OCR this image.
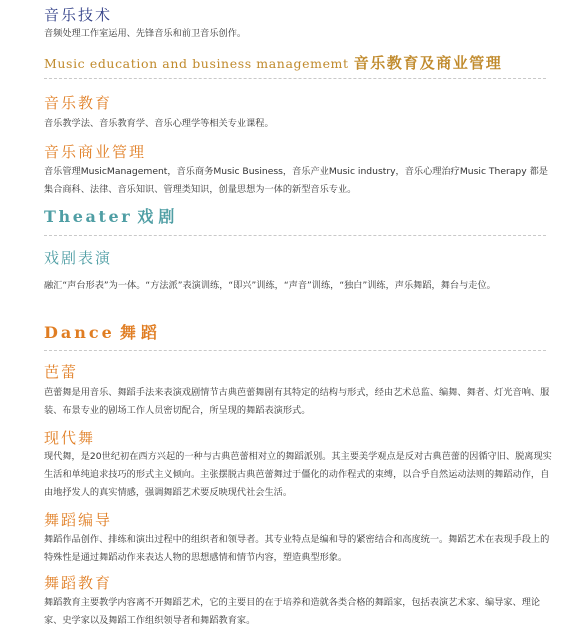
音乐技术

音频处理工作室运用、先锋音乐和前卫音乐创作。

Music education and business managememt 音乐教育及商业管理
音乐教育

音乐教学法、音乐教育学、音乐心理学等相关专业课程。

音乐商业管理

音乐管理MusicManagement，音乐商务Music Business，音乐产业Music industry，音乐心理治疗Music Therapy 都是集合商科、法律、音乐知识、管理类知识，创量思想为一体的新型音乐专业。

Theater 戏剧
戏剧表演

融汇“声台形表”为一体。“方法派”表演训练，“即兴”训练，“声音”训练，“独白”训练，声乐舞蹈，舞台与走位。

Dance 舞蹈
芭蕾

芭蕾舞是用音乐、舞蹈手法来表演戏剧情节古典芭蕾舞剧有其特定的结构与形式，经由艺术总监、编舞、舞者、灯光音响、服装、布景专业的剧场工作人员密切配合，所呈现的舞蹈表演形式。

现代舞

现代舞，是20世纪初在西方兴起的一种与古典芭蕾相对立的舞蹈派别。其主要美学观点是反对古典芭蕾的因循守旧、脱离现实生活和单纯追求技巧的形式主义倾向。主张摆脱古典芭蕾舞过于僵化的动作程式的束缚，以合乎自然运动法则的舞蹈动作，自由地抒发人的真实情感，强调舞蹈艺术要反映现代社会生活。

舞蹈编导

舞蹈作品创作、排练和演出过程中的组织者和领导者。其专业特点是编和导的紧密结合和高度统一。舞蹈艺术在表现手段上的特殊性是通过舞蹈动作来表达人物的思想感情和情节内容，塑造典型形象。

舞蹈教育

舞蹈教育主要教学内容离不开舞蹈艺术，它的主要目的在于培养和造就各类合格的舞蹈家，包括表演艺术家、编导家、理论家、史学家以及舞蹈工作组织领导者和舞蹈教育家。
